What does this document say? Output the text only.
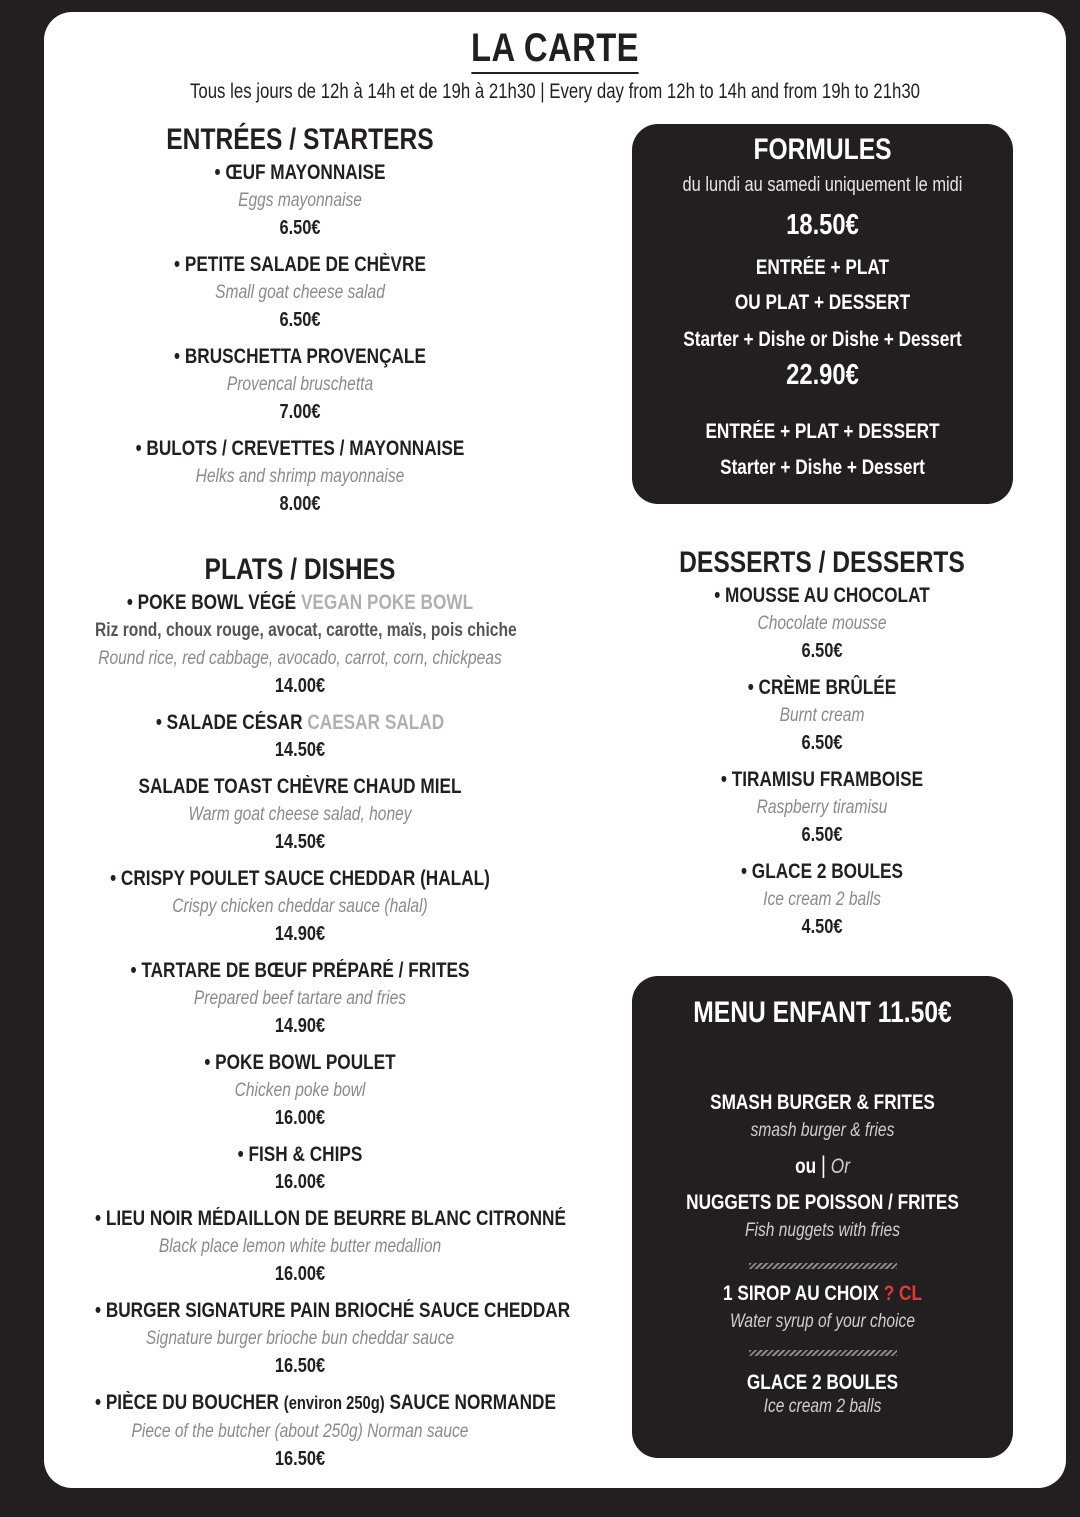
LA CARTE
Tous les jours de 12h à 14h et de 19h à 21h30 | Every day from 12h to 14h and from 19h to 21h30
ENTRÉES / STARTERS
• ŒUF MAYONNAISE
Eggs mayonnaise
6.50€
• PETITE SALADE DE CHÈVRE
Small goat cheese salad
6.50€
• BRUSCHETTA PROVENÇALE
Provencal bruschetta
7.00€
• BULOTS / CREVETTES / MAYONNAISE
Helks and shrimp mayonnaise
8.00€
PLATS / DISHES
• POKE BOWL VÉGÉ VEGAN POKE BOWL
Riz rond, choux rouge, avocat, carotte, maïs, pois chiche
Round rice, red cabbage, avocado, carrot, corn, chickpeas
14.00€
• SALADE CÉSAR CAESAR SALAD
14.50€
SALADE TOAST CHÈVRE CHAUD MIEL
Warm goat cheese salad, honey
14.50€
• CRISPY POULET SAUCE CHEDDAR (HALAL)
Crispy chicken cheddar sauce (halal)
14.90€
• TARTARE DE BŒUF PRÉPARÉ / FRITES
Prepared beef tartare and fries
14.90€
• POKE BOWL POULET
Chicken poke bowl
16.00€
• FISH & CHIPS
16.00€
• LIEU NOIR MÉDAILLON DE BEURRE BLANC CITRONNÉ
Black place lemon white butter medallion
16.00€
• BURGER SIGNATURE PAIN BRIOCHÉ SAUCE CHEDDAR
Signature burger brioche bun cheddar sauce
16.50€
• PIÈCE DU BOUCHER (environ 250g) SAUCE NORMANDE
Piece of the butcher (about 250g) Norman sauce
16.50€
FORMULES
du lundi au samedi uniquement le midi
18.50€
ENTRÉE + PLAT
OU PLAT + DESSERT
Starter + Dishe or Dishe + Dessert
22.90€
ENTRÉE + PLAT + DESSERT
Starter + Dishe + Dessert
DESSERTS / DESSERTS
• MOUSSE AU CHOCOLAT
Chocolate mousse
6.50€
• CRÈME BRÛLÉE
Burnt cream
6.50€
• TIRAMISU FRAMBOISE
Raspberry tiramisu
6.50€
• GLACE 2 BOULES
Ice cream 2 balls
4.50€
MENU ENFANT 11.50€
SMASH BURGER & FRITES
smash burger & fries
ou | Or
NUGGETS DE POISSON / FRITES
Fish nuggets with fries
1 SIROP AU CHOIX ? CL
Water syrup of your choice
GLACE 2 BOULES
Ice cream 2 balls
